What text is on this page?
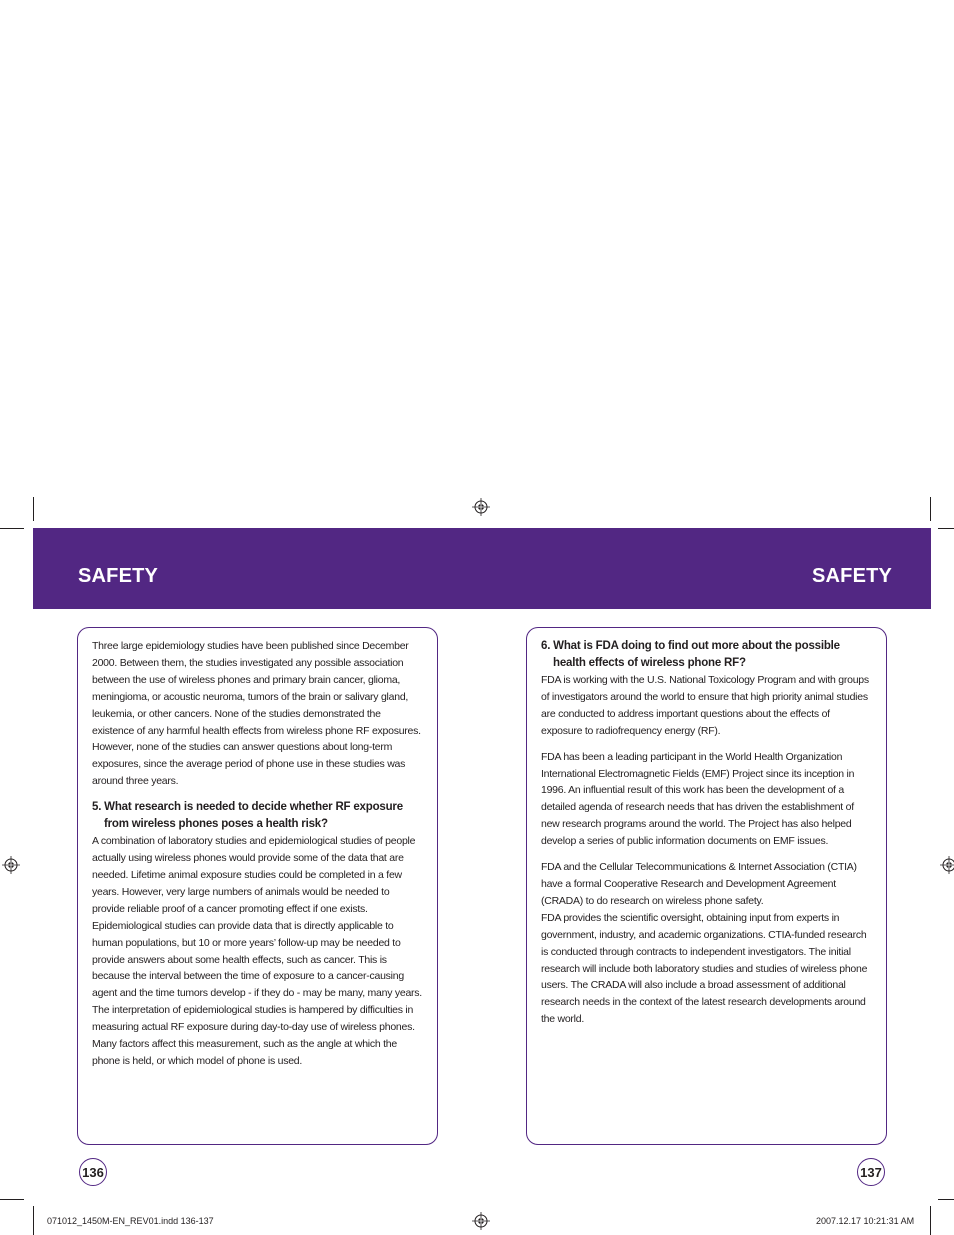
SAFETY	SAFETY

Three large epidemiology studies have been published since December 2000. Between them, the studies investigated any possible association between the use of wireless phones and primary brain cancer, glioma, meningioma, or acoustic neuroma, tumors of the brain or salivary gland, leukemia, or other cancers. None of the studies demonstrated the existence of any harmful health effects from wireless phone RF exposures. However, none of the studies can answer questions about long-term exposures, since the average period of phone use in these studies was around three years.

5. What research is needed to decide whether RF exposure from wireless phones poses a health risk?

A combination of laboratory studies and epidemiological studies of people actually using wireless phones would provide some of the data that are needed. Lifetime animal exposure studies could be completed in a few years. However, very large numbers of animals would be needed to provide reliable proof of a cancer promoting effect if one exists. Epidemiological studies can provide data that is directly applicable to human populations, but 10 or more years’ follow-up may be needed to provide answers about some health effects, such as cancer. This is because the interval between the time of exposure to a cancer-causing agent and the time tumors develop - if they do - may be many, many years. The interpretation of epidemiological studies is hampered by difficulties in measuring actual RF exposure during day-to-day use of wireless phones. Many factors affect this measurement, such as the angle at which the phone is held, or which model of phone is used.

6. What is FDA doing to find out more about the possible health effects of wireless phone RF?

FDA is working with the U.S. National Toxicology Program and with groups of investigators around the world to ensure that high priority animal studies are conducted to address important questions about the effects of exposure to radiofrequency energy (RF).

FDA has been a leading participant in the World Health Organization International Electromagnetic Fields (EMF) Project since its inception in 1996. An influential result of this work has been the development of a detailed agenda of research needs that has driven the establishment of new research programs around the world. The Project has also helped develop a series of public information documents on EMF issues.

FDA and the Cellular Telecommunications & Internet Association (CTIA) have a formal Cooperative Research and Development Agreement (CRADA) to do research on wireless phone safety.

FDA provides the scientific oversight, obtaining input from experts in government, industry, and academic organizations. CTIA-funded research is conducted through contracts to independent investigators. The initial research will include both laboratory studies and studies of wireless phone users. The CRADA will also include a broad assessment of additional research needs in the context of the latest research developments around the world.

136	137
071012_1450M-EN_REV01.indd 136-137	2007.12.17 10:21:31 AM
